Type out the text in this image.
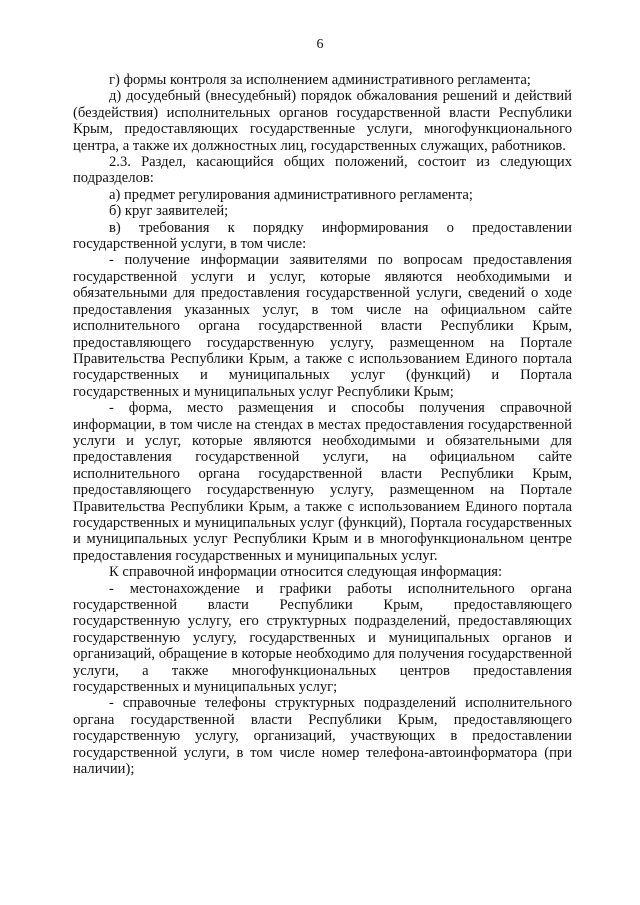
6

г) формы контроля за исполнением административного регламента;

д) досудебный (внесудебный) порядок обжалования решений и действий (бездействия) исполнительных органов государственной власти Республики Крым, предоставляющих государственные услуги, многофункционального центра, а также их должностных лиц, государственных служащих, работников.

2.3. Раздел, касающийся общих положений, состоит из следующих подразделов:

а) предмет регулирования административного регламента;

б) круг заявителей;

в) требования к порядку информирования о предоставлении государственной услуги, в том числе:

- получение информации заявителями по вопросам предоставления государственной услуги и услуг, которые являются необходимыми и обязательными для предоставления государственной услуги, сведений о ходе предоставления указанных услуг, в том числе на официальном сайте исполнительного органа государственной власти Республики Крым, предоставляющего государственную услугу, размещенном на Портале Правительства Республики Крым, а также с использованием Единого портала государственных и муниципальных услуг (функций) и Портала государственных и муниципальных услуг Республики Крым;

- форма, место размещения и способы получения справочной информации, в том числе на стендах в местах предоставления государственной услуги и услуг, которые являются необходимыми и обязательными для предоставления государственной услуги, на официальном сайте исполнительного органа государственной власти Республики Крым, предоставляющего государственную услугу, размещенном на Портале Правительства Республики Крым, а также с использованием Единого портала государственных и муниципальных услуг (функций), Портала государственных и муниципальных услуг Республики Крым и в многофункциональном центре предоставления государственных и муниципальных услуг.

К справочной информации относится следующая информация:

- местонахождение и графики работы исполнительного органа государственной власти Республики Крым, предоставляющего государственную услугу, его структурных подразделений, предоставляющих государственную услугу, государственных и муниципальных органов и организаций, обращение в которые необходимо для получения государственной услуги, а также многофункциональных центров предоставления государственных и муниципальных услуг;

- справочные телефоны структурных подразделений исполнительного органа государственной власти Республики Крым, предоставляющего государственную услугу, организаций, участвующих в предоставлении государственной услуги, в том числе номер телефона-автоинформатора (при наличии);
